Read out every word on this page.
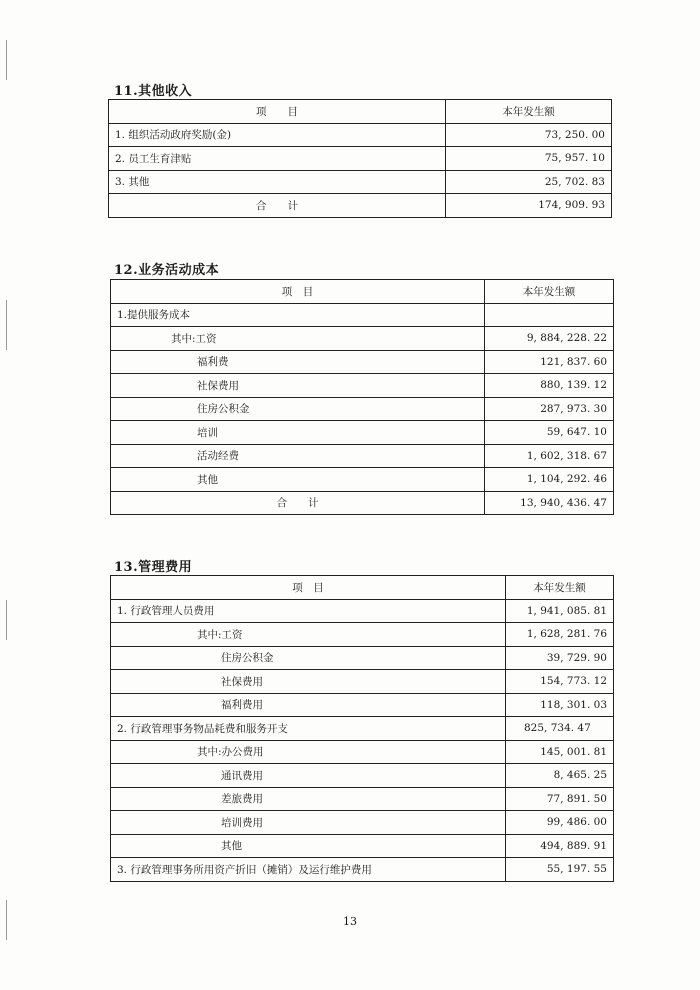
11.其他收入
项　　目	本年发生额
1. 组织活动政府奖励(金)	73, 250. 00
2. 员工生育津贴	75, 957. 10
3. 其他	25, 702. 83
合　　计	174, 909. 93
12.业务活动成本
项　目	本年发生额
1.提供服务成本	
其中:工资	9, 884, 228. 22
福利费	121, 837. 60
社保费用	880, 139. 12
住房公积金	287, 973. 30
培训	59, 647. 10
活动经费	1, 602, 318. 67
其他	1, 104, 292. 46
合　　计	13, 940, 436. 47
13.管理费用
项　目	本年发生额
1. 行政管理人员费用	1, 941, 085. 81
其中:工资	1, 628, 281. 76
住房公积金	39, 729. 90
社保费用	154, 773. 12
福利费用	118, 301. 03
2. 行政管理事务物品耗费和服务开支	825, 734. 47
其中:办公费用	145, 001. 81
通讯费用	8, 465. 25
差旅费用	77, 891. 50
培训费用	99, 486. 00
其他	494, 889. 91
3. 行政管理事务所用资产折旧（摊销）及运行维护费用	55, 197. 55
13
